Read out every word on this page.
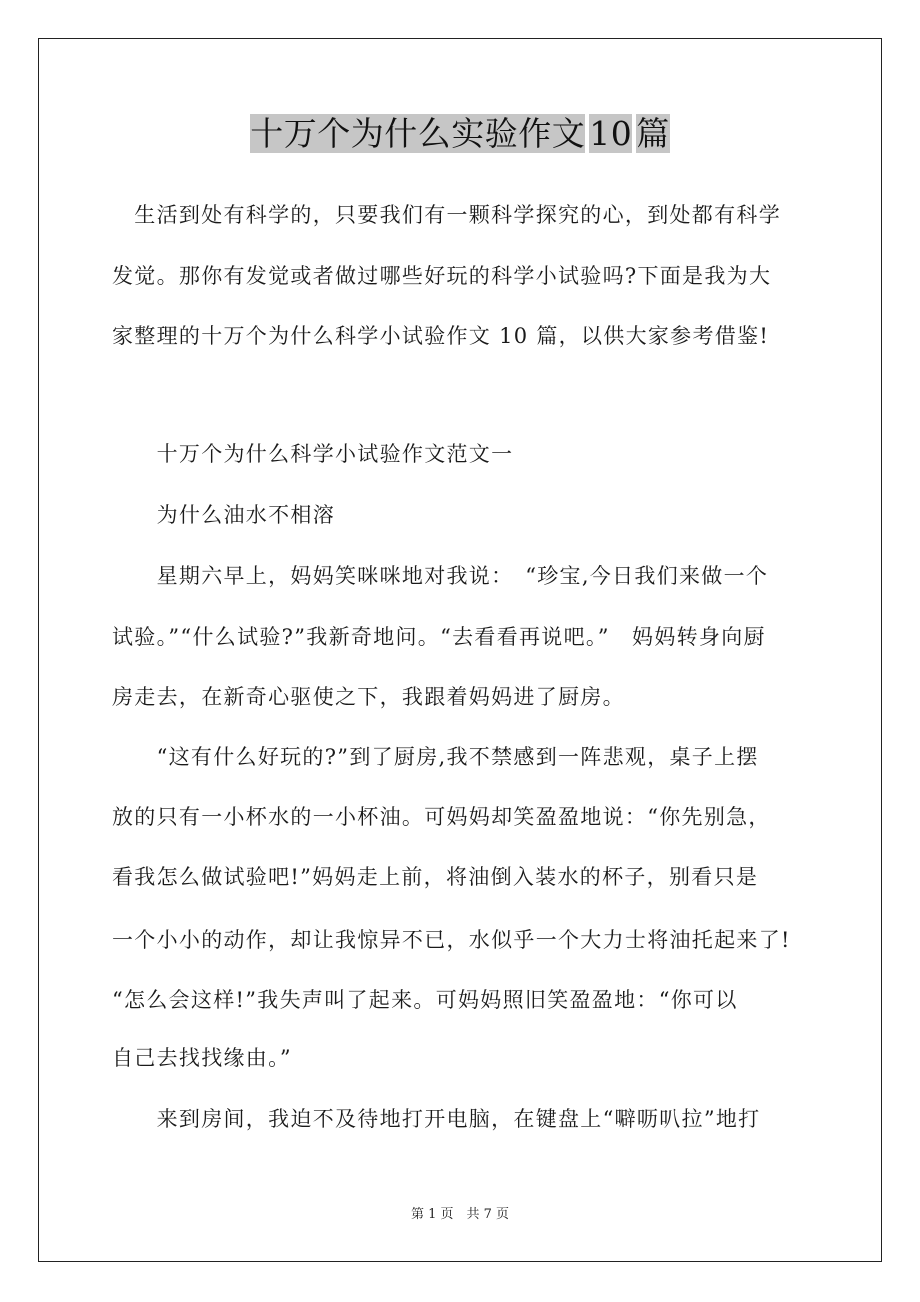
十万个为什么实验作文 10 篇
　生活到处有科学的，只要我们有一颗科学探究的心，到处都有科学
发觉。那你有发觉或者做过哪些好玩的科学小试验吗?下面是我为大
家整理的十万个为什么科学小试验作文 10 篇，以供大家参考借鉴!
　　十万个为什么科学小试验作文范文一
　　为什么油水不相溶
　　星期六早上，妈妈笑咪咪地对我说：　“珍宝,今日我们来做一个
试验。”“什么试验?”我新奇地问。“去看看再说吧。”　妈妈转身向厨
房走去，在新奇心驱使之下，我跟着妈妈进了厨房。
　　“这有什么好玩的?”到了厨房,我不禁感到一阵悲观，桌子上摆
放的只有一小杯水的一小杯油。可妈妈却笑盈盈地说：“你先别急，
看我怎么做试验吧!”妈妈走上前，将油倒入装水的杯子，别看只是
一个小小的动作，却让我惊异不已，水似乎一个大力士将油托起来了!
“怎么会这样!”我失声叫了起来。可妈妈照旧笑盈盈地：“你可以
自己去找找缘由。”
　　来到房间，我迫不及待地打开电脑，在键盘上“噼呖叭拉”地打
第 1 页　共 7 页
